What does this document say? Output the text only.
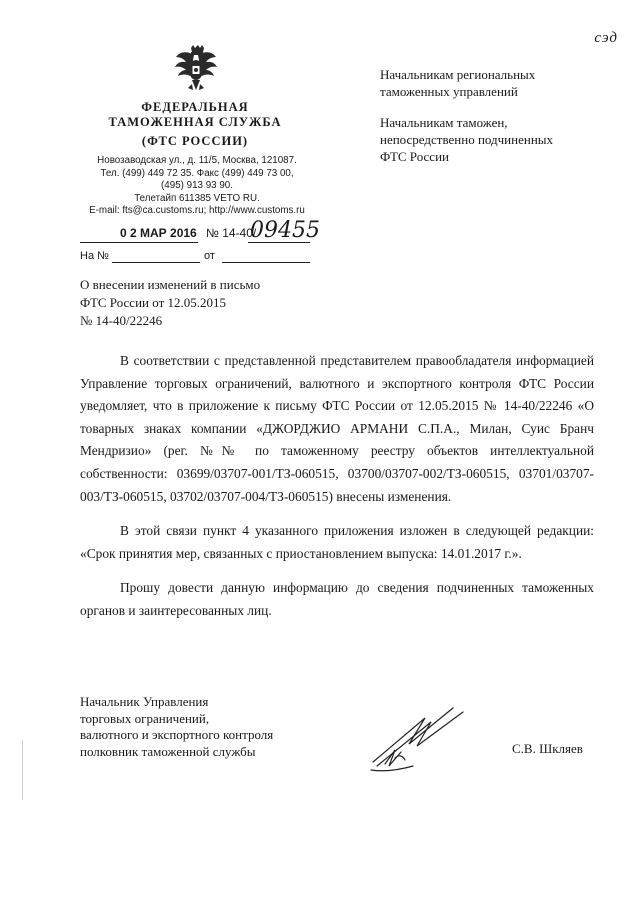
сэд
ФЕДЕРАЛЬНАЯ
ТАМОЖЕННАЯ СЛУЖБА
(ФТС РОССИИ)
Новозаводская ул., д. 11/5, Москва, 121087.
Тел. (499) 449 72 35. Факс (499) 449 73 00,
(495) 913 93 90.
Телетайп 611385 VETO RU.
E-mail: fts@ca.customs.ru; http://www.customs.ru
0 2 МАР 2016 № 14-40/
09455
На №	от
Начальникам региональных
таможенных управлений
Начальникам таможен,
непосредственно подчиненных
ФТС России
О внесении изменений в письмо
ФТС России от 12.05.2015
№ 14-40/22246

В соответствии с представленной представителем правообладателя информацией Управление торговых ограничений, валютного и экспортного контроля ФТС России уведомляет, что в приложение к письму ФТС России от 12.05.2015 № 14-40/22246 «О товарных знаках компании «ДЖОРДЖИО АРМАНИ С.П.А., Милан, Суис Бранч Мендризио» (рег. №№ по таможенному реестру объектов интеллектуальной собственности: 03699/03707-001/ТЗ-060515, 03700/03707-002/ТЗ-060515, 03701/03707-003/ТЗ-060515, 03702/03707-004/ТЗ-060515) внесены изменения.

В этой связи пункт 4 указанного приложения изложен в следующей редакции: «Срок принятия мер, связанных с приостановлением выпуска: 14.01.2017 г.».

Прошу довести данную информацию до сведения подчиненных таможенных органов и заинтересованных лиц.

Начальник Управления
торговых ограничений,
валютного и экспортного контроля
полковник таможенной службы	С.В. Шкляев
